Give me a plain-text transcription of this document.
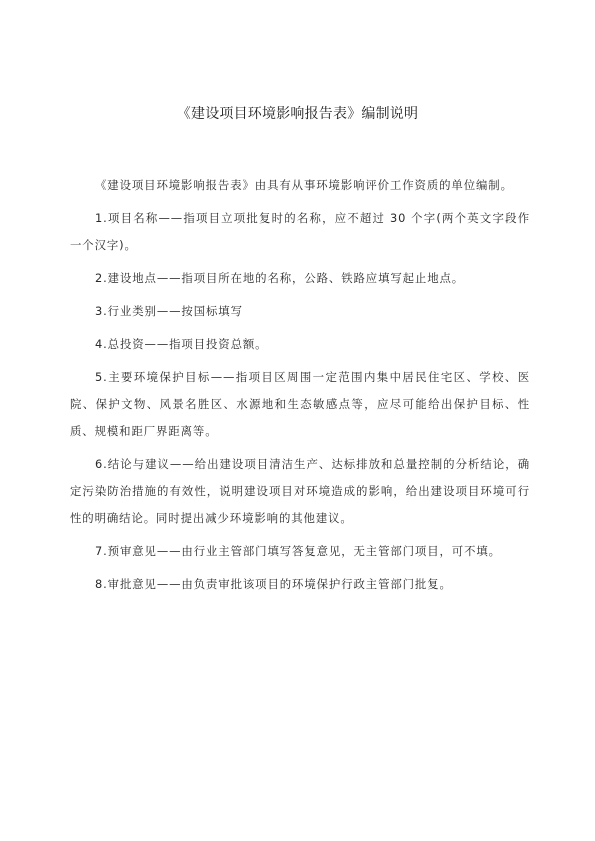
《建设项目环境影响报告表》编制说明

《建设项目环境影响报告表》由具有从事环境影响评价工作资质的单位编制。

1.项目名称——指项目立项批复时的名称，应不超过 30 个字(两个英文字段作一个汉字)。

2.建设地点——指项目所在地的名称，公路、铁路应填写起止地点。

3.行业类别——按国标填写

4.总投资——指项目投资总额。

5.主要环境保护目标——指项目区周围一定范围内集中居民住宅区、学校、医院、保护文物、风景名胜区、水源地和生态敏感点等，应尽可能给出保护目标、性质、规模和距厂界距离等。

6.结论与建议——给出建设项目清洁生产、达标排放和总量控制的分析结论，确定污染防治措施的有效性，说明建设项目对环境造成的影响，给出建设项目环境可行性的明确结论。同时提出减少环境影响的其他建议。

7.预审意见——由行业主管部门填写答复意见，无主管部门项目，可不填。

8.审批意见——由负责审批该项目的环境保护行政主管部门批复。
